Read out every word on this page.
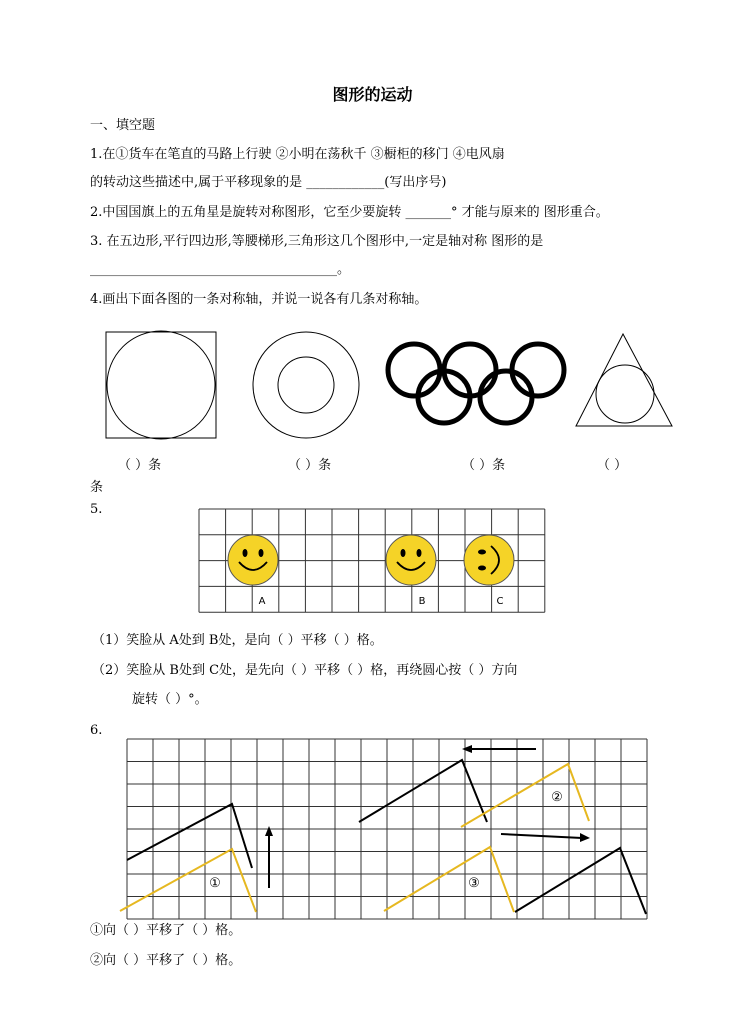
图形的运动
一、填空题
1.在①货车在笔直的马路上行驶 ②小明在荡秋千 ③橱柜的移门 ④电风扇
的转动这些描述中,属于平移现象的是 ____________(写出序号)
2.中国国旗上的五角星是旋转对称图形，它至少要旋转 _______° 才能与原来的 图形重合。
3. 在五边形,平行四边形,等腰梯形,三角形这几个图形中,一定是轴对称 图形的是
______________________________________。
4.画出下面各图的一条对称轴，并说一说各有几条对称轴。
（ ）条	（ ）条	（ ）条	（ ）
条
5.
A	B	C
（1）笑脸从 A处到 B处，是向（ ）平移（ ）格。
（2）笑脸从 B处到 C处，是先向（ ）平移（ ）格，再绕圆心按（ ）方向
旋转（ ）°。
6.
①
②
③
①向（ ）平移了（ ）格。
②向（ ）平移了（ ）格。
